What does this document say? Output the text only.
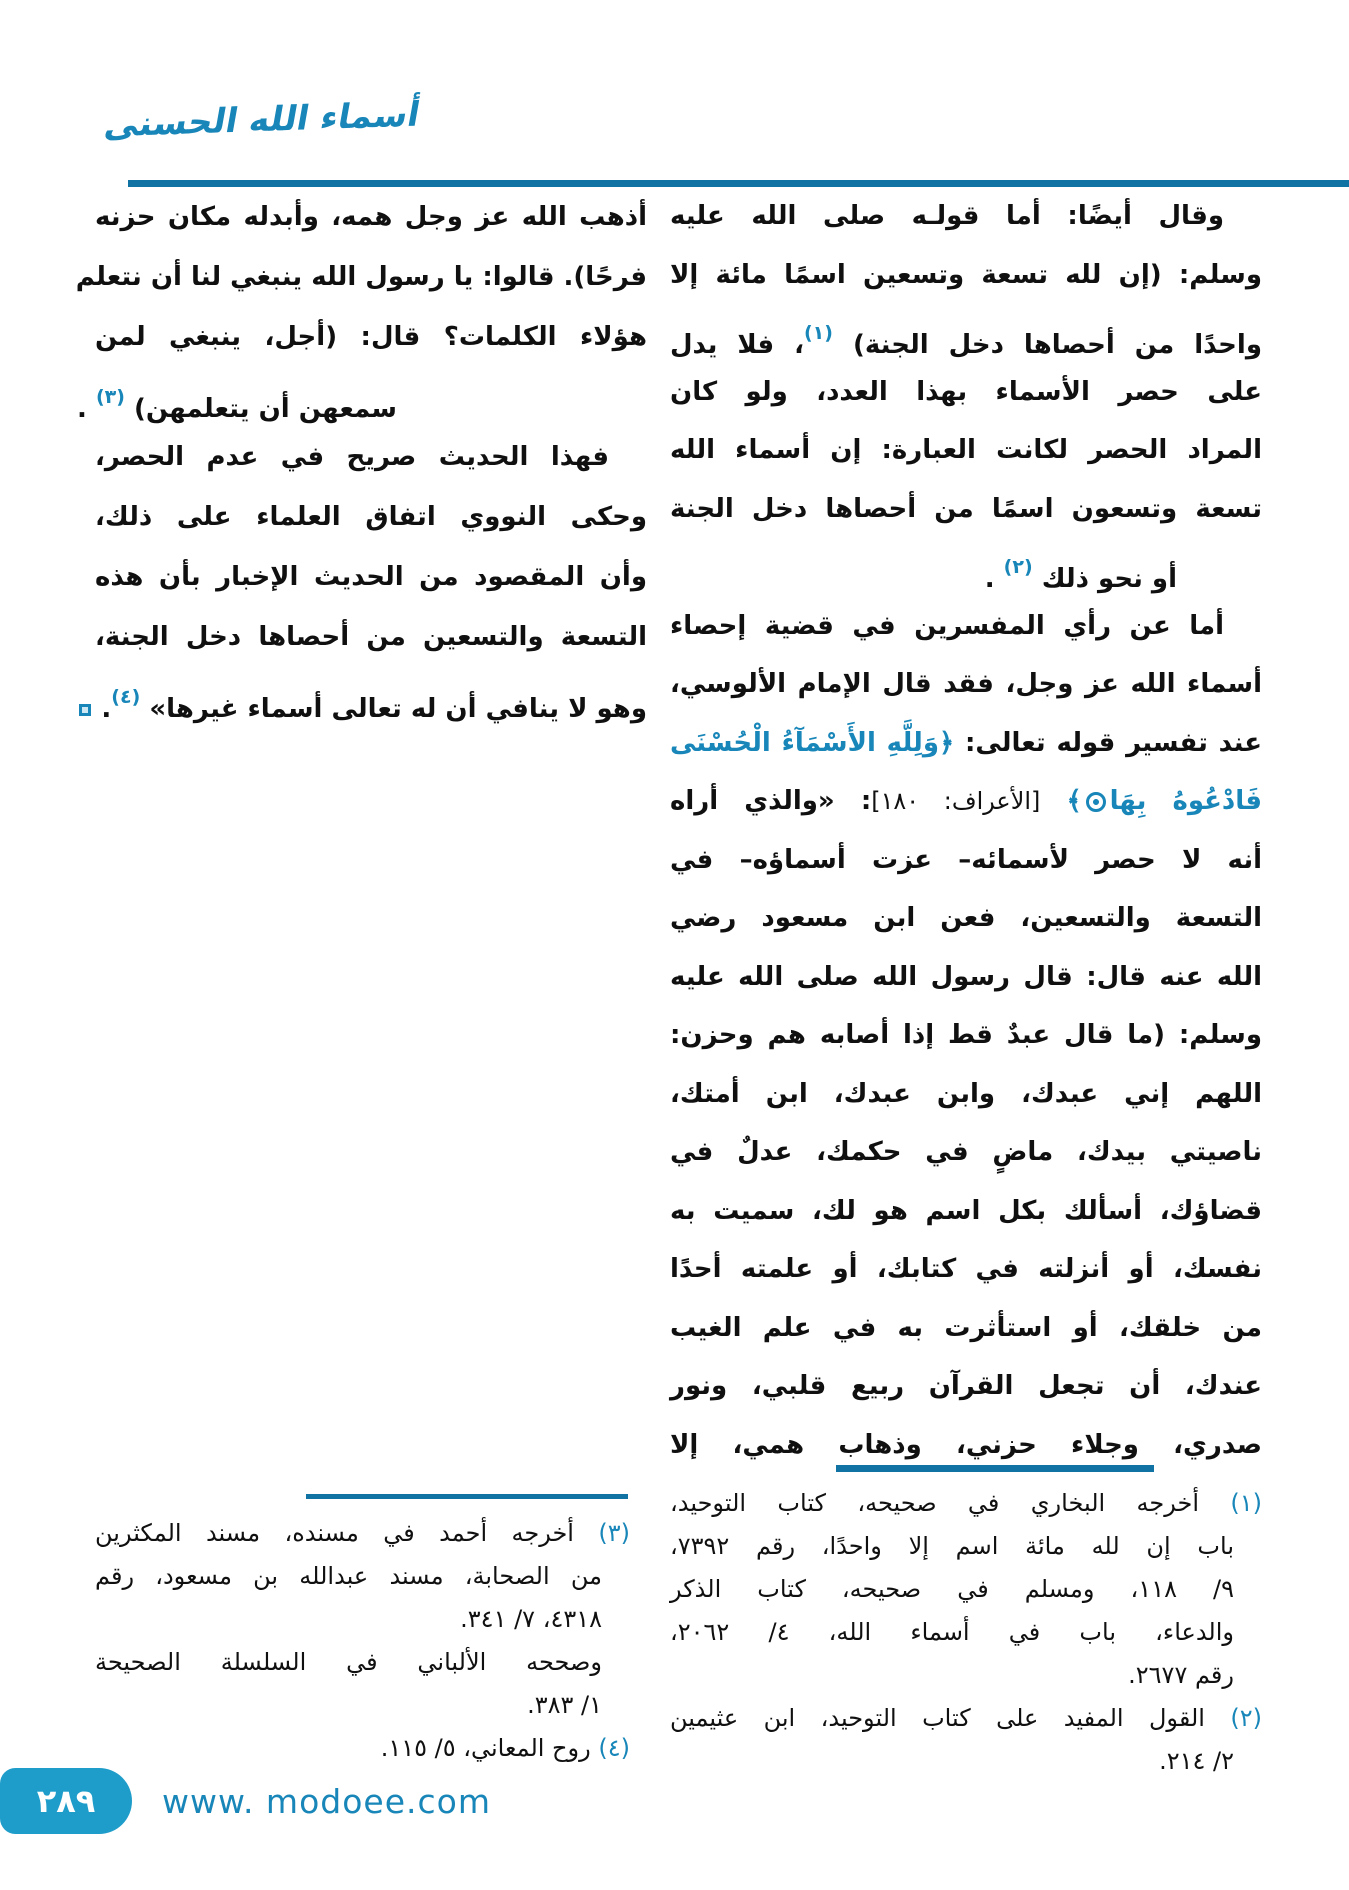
أسماء الله الحسنى
وقال أيضًا: أما قولـه صلى الله عليه
وسلم: (إن لله تسعة وتسعين اسمًا مائة إلا
واحدًا من أحصاها دخل الجنة) $^{(١)}$، فلا يدل
على حصر الأسماء بهذا العدد، ولو كان
المراد الحصر لكانت العبارة: إن أسماء الله
تسعة وتسعون اسمًا من أحصاها دخل الجنة
أو نحو ذلك $^{(٢)}$ .
أما عن رأي المفسرين في قضية إحصاء
أسماء الله عز وجل، فقد قال الإمام الألوسي،
عند تفسير قوله تعالى: ﴿وَلِلَّهِ الأَسْمَآءُ الْحُسْنَى
فَادْعُوهُ بِهَا﴾ [الأعراف: ١٨٠]: «والذي أراه
أنه لا حصر لأسمائه– عزت أسماؤه– في
التسعة والتسعين، فعن ابن مسعود رضي
الله عنه قال: قال رسول الله صلى الله عليه
وسلم: (ما قال عبدٌ قط إذا أصابه هم وحزن:
اللهم إني عبدك، وابن عبدك، ابن أمتك،
ناصيتي بيدك، ماضٍ في حكمك، عدلٌ في
قضاؤك، أسألك بكل اسم هو لك، سميت به
نفسك، أو أنزلته في كتابك، أو علمته أحدًا
من خلقك، أو استأثرت به في علم الغيب
عندك، أن تجعل القرآن ربيع قلبي، ونور
صدري، وجلاء حزني، وذهاب همي، إلا
أذهب الله عز وجل همه، وأبدله مكان حزنه
فرحًا). قالوا: يا رسول الله ينبغي لنا أن نتعلم
هؤلاء الكلمات؟ قال: (أجل، ينبغي لمن
سمعهن أن يتعلمهن) $^{(٣)}$ .
فهذا الحديث صريح في عدم الحصر،
وحكى النووي اتفاق العلماء على ذلك،
وأن المقصود من الحديث الإخبار بأن هذه
التسعة والتسعين من أحصاها دخل الجنة،
وهو لا ينافي أن له تعالى أسماء غيرها» $^{(٤)}$.
(١) أخرجه البخاري في صحيحه، كتاب التوحيد،
باب إن لله مائة اسم إلا واحدًا، رقم ٧٣٩٢،
٩/ ١١٨، ومسلم في صحيحه، كتاب الذكر
والدعاء، باب في أسماء الله، ٤/ ٢٠٦٢،
رقم ٢٦٧٧.
(٢) القول المفيد على كتاب التوحيد، ابن عثيمين
٢/ ٢١٤.
(٣) أخرجه أحمد في مسنده، مسند المكثرين
من الصحابة، مسند عبدالله بن مسعود، رقم
٤٣١٨، ٧/ ٣٤١.
وصححه الألباني في السلسلة الصحيحة
١/ ٣٨٣.
(٤) روح المعاني، ٥/ ١١٥.
٢٨٩ www. modoee.com
